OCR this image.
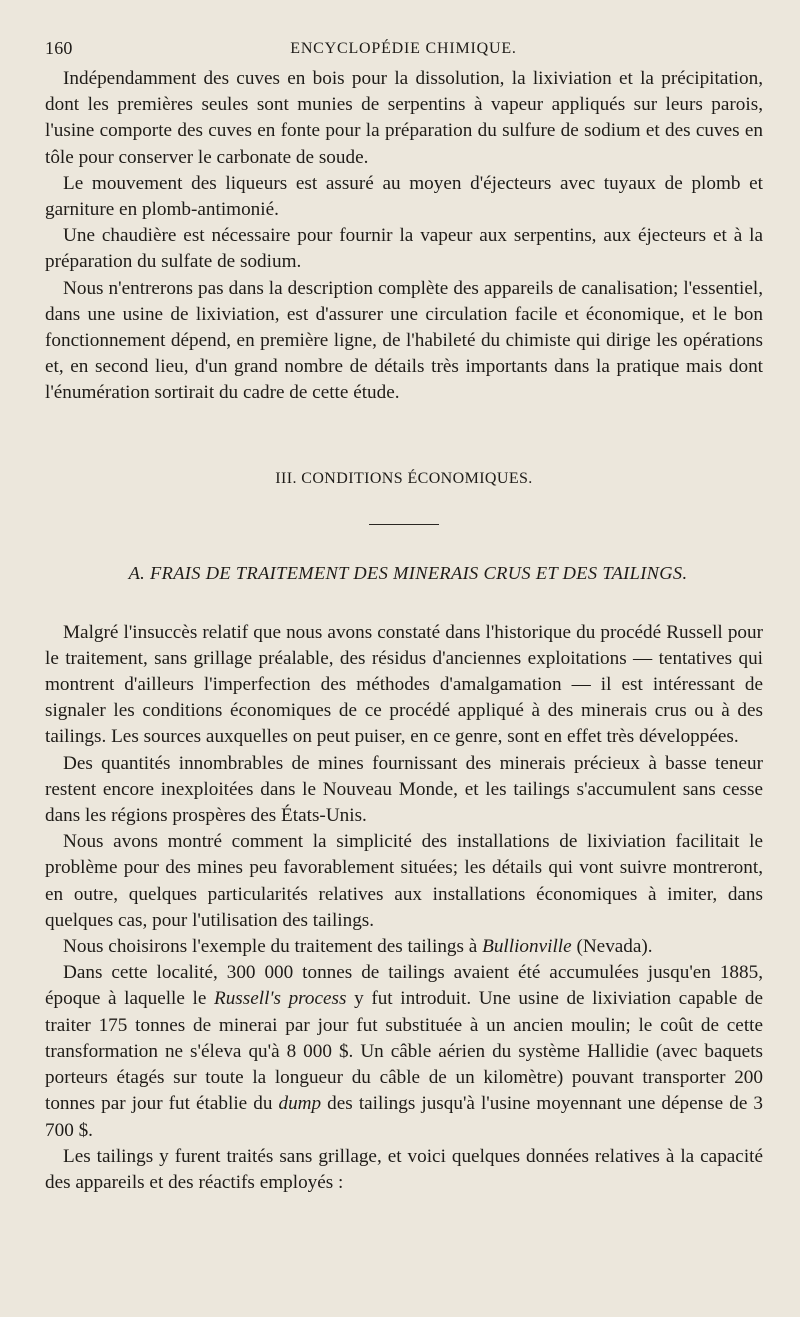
160	ENCYCLOPÉDIE CHIMIQUE.

Indépendamment des cuves en bois pour la dissolution, la lixiviation et la précipitation, dont les premières seules sont munies de serpentins à vapeur appliqués sur leurs parois, l'usine comporte des cuves en fonte pour la préparation du sulfure de sodium et des cuves en tôle pour conserver le carbonate de soude.

Le mouvement des liqueurs est assuré au moyen d'éjecteurs avec tuyaux de plomb et garniture en plomb-antimonié.

Une chaudière est nécessaire pour fournir la vapeur aux serpentins, aux éjecteurs et à la préparation du sulfate de sodium.

Nous n'entrerons pas dans la description complète des appareils de canalisation; l'essentiel, dans une usine de lixiviation, est d'assurer une circulation facile et économique, et le bon fonctionnement dépend, en première ligne, de l'habileté du chimiste qui dirige les opérations et, en second lieu, d'un grand nombre de détails très importants dans la pratique mais dont l'énumération sortirait du cadre de cette étude.

III. CONDITIONS ÉCONOMIQUES.
A. FRAIS DE TRAITEMENT DES MINERAIS CRUS ET DES TAILINGS.

Malgré l'insuccès relatif que nous avons constaté dans l'historique du procédé Russell pour le traitement, sans grillage préalable, des résidus d'anciennes exploitations — tentatives qui montrent d'ailleurs l'imperfection des méthodes d'amalgamation — il est intéressant de signaler les conditions économiques de ce procédé appliqué à des minerais crus ou à des tailings. Les sources auxquelles on peut puiser, en ce genre, sont en effet très développées.

Des quantités innombrables de mines fournissant des minerais précieux à basse teneur restent encore inexploitées dans le Nouveau Monde, et les tailings s'accumulent sans cesse dans les régions prospères des États-Unis.

Nous avons montré comment la simplicité des installations de lixiviation facilitait le problème pour des mines peu favorablement situées; les détails qui vont suivre montreront, en outre, quelques particularités relatives aux installations économiques à imiter, dans quelques cas, pour l'utilisation des tailings.

Nous choisirons l'exemple du traitement des tailings à Bullionville (Nevada).

Dans cette localité, 300 000 tonnes de tailings avaient été accumulées jusqu'en 1885, époque à laquelle le Russell's process y fut introduit. Une usine de lixiviation capable de traiter 175 tonnes de minerai par jour fut substituée à un ancien moulin; le coût de cette transformation ne s'éleva qu'à 8 000 $. Un câble aérien du système Hallidie (avec baquets porteurs étagés sur toute la longueur du câble de un kilomètre) pouvant transporter 200 tonnes par jour fut établie du dump des tailings jusqu'à l'usine moyennant une dépense de 3 700 $.

Les tailings y furent traités sans grillage, et voici quelques données relatives à la capacité des appareils et des réactifs employés :
